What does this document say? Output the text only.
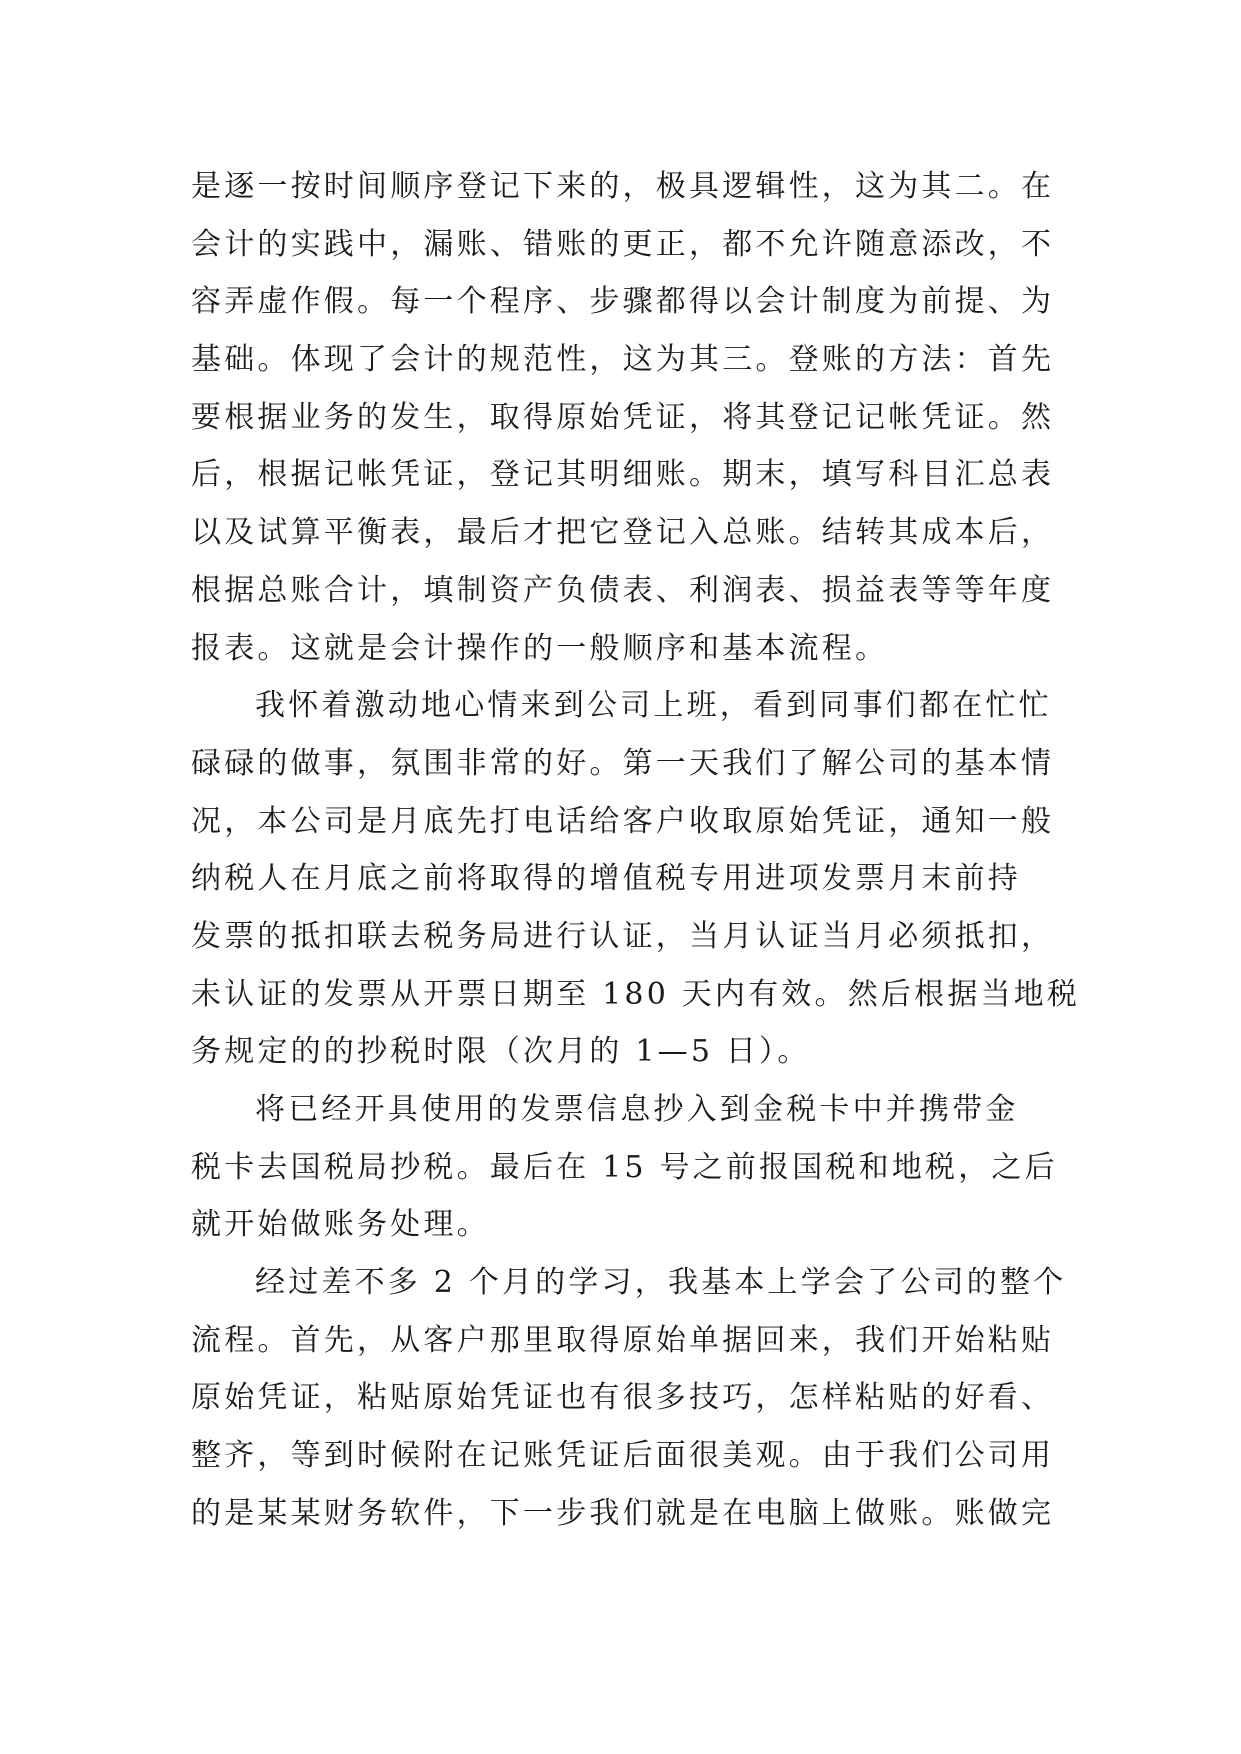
是逐一按时间顺序登记下来的，极具逻辑性，这为其二。在
会计的实践中，漏账、错账的更正，都不允许随意添改，不
容弄虚作假。每一个程序、步骤都得以会计制度为前提、为
基础。体现了会计的规范性，这为其三。登账的方法：首先
要根据业务的发生，取得原始凭证，将其登记记帐凭证。然
后，根据记帐凭证，登记其明细账。期末，填写科目汇总表
以及试算平衡表，最后才把它登记入总账。结转其成本后，
根据总账合计，填制资产负债表、利润表、损益表等等年度
报表。这就是会计操作的一般顺序和基本流程。
我怀着激动地心情来到公司上班，看到同事们都在忙忙
碌碌的做事，氛围非常的好。第一天我们了解公司的基本情
况，本公司是月底先打电话给客户收取原始凭证，通知一般
纳税人在月底之前将取得的增值税专用进项发票月末前持
发票的抵扣联去税务局进行认证，当月认证当月必须抵扣，
未认证的发票从开票日期至 180 天内有效。然后根据当地税
务规定的的抄税时限（次月的 1—5 日）。
将已经开具使用的发票信息抄入到金税卡中并携带金
税卡去国税局抄税。最后在 15 号之前报国税和地税，之后
就开始做账务处理。
经过差不多 2 个月的学习，我基本上学会了公司的整个
流程。首先，从客户那里取得原始单据回来，我们开始粘贴
原始凭证，粘贴原始凭证也有很多技巧，怎样粘贴的好看、
整齐，等到时候附在记账凭证后面很美观。由于我们公司用
的是某某财务软件，下一步我们就是在电脑上做账。账做完
